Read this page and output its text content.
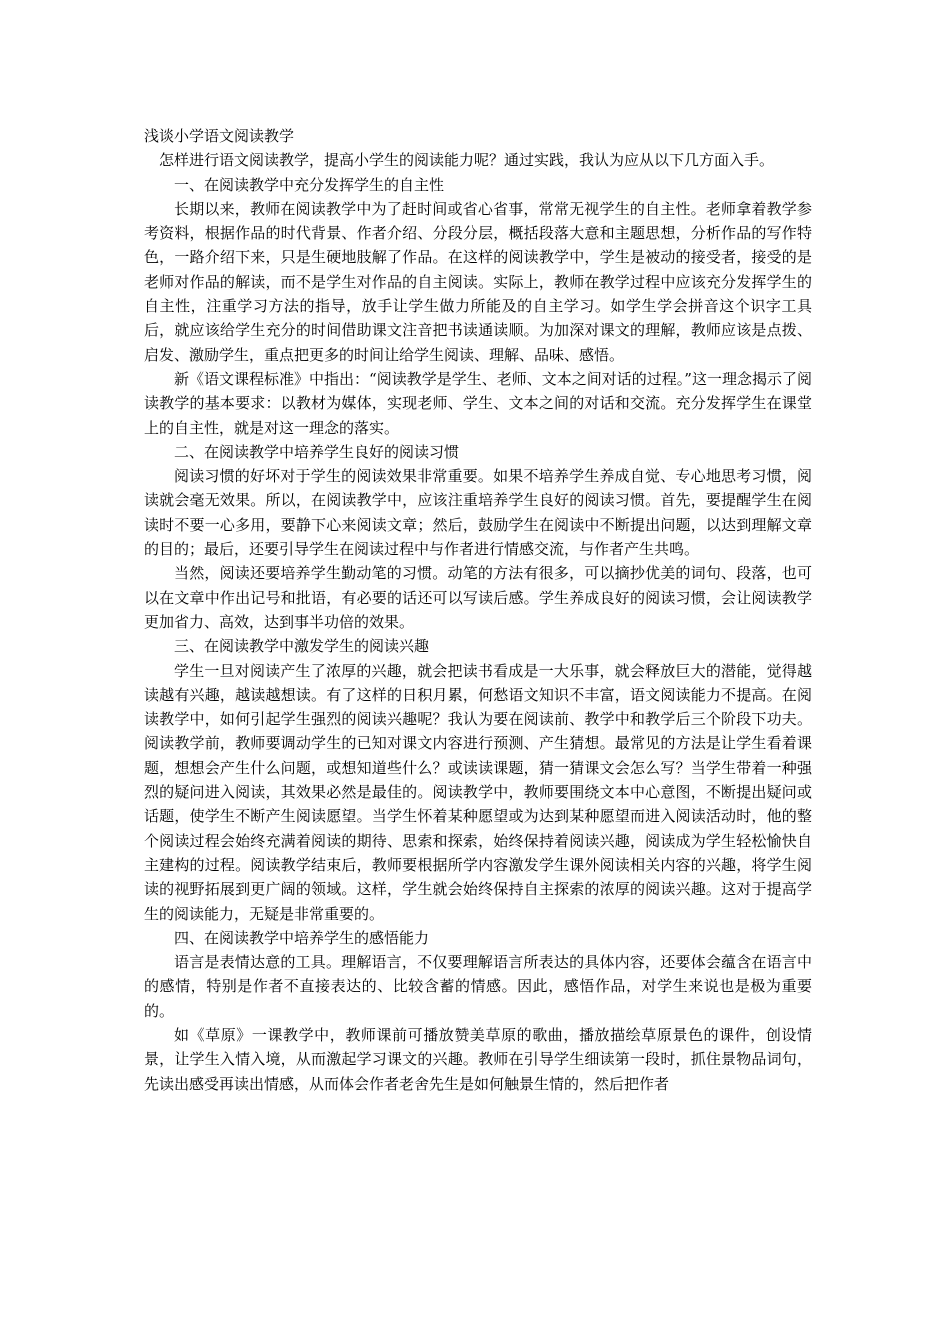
浅谈小学语文阅读教学

怎样进行语文阅读教学，提高小学生的阅读能力呢？通过实践，我认为应从以下几方面入手。

一、在阅读教学中充分发挥学生的自主性

长期以来，教师在阅读教学中为了赶时间或省心省事，常常无视学生的自主性。老师拿着教学参考资料，根据作品的时代背景、作者介绍、分段分层，概括段落大意和主题思想，分析作品的写作特色，一路介绍下来，只是生硬地肢解了作品。在这样的阅读教学中，学生是被动的接受者，接受的是老师对作品的解读，而不是学生对作品的自主阅读。实际上，教师在教学过程中应该充分发挥学生的自主性，注重学习方法的指导，放手让学生做力所能及的自主学习。如学生学会拼音这个识字工具后，就应该给学生充分的时间借助课文注音把书读通读顺。为加深对课文的理解，教师应该是点拨、启发、激励学生，重点把更多的时间让给学生阅读、理解、品味、感悟。

新《语文课程标准》中指出：“阅读教学是学生、老师、文本之间对话的过程。”这一理念揭示了阅读教学的基本要求：以教材为媒体，实现老师、学生、文本之间的对话和交流。充分发挥学生在课堂上的自主性，就是对这一理念的落实。

二、在阅读教学中培养学生良好的阅读习惯

阅读习惯的好坏对于学生的阅读效果非常重要。如果不培养学生养成自觉、专心地思考习惯，阅读就会毫无效果。所以，在阅读教学中，应该注重培养学生良好的阅读习惯。首先，要提醒学生在阅读时不要一心多用，要静下心来阅读文章；然后，鼓励学生在阅读中不断提出问题，以达到理解文章的目的；最后，还要引导学生在阅读过程中与作者进行情感交流，与作者产生共鸣。

当然，阅读还要培养学生勤动笔的习惯。动笔的方法有很多，可以摘抄优美的词句、段落，也可以在文章中作出记号和批语，有必要的话还可以写读后感。学生养成良好的阅读习惯，会让阅读教学更加省力、高效，达到事半功倍的效果。

三、在阅读教学中激发学生的阅读兴趣

学生一旦对阅读产生了浓厚的兴趣，就会把读书看成是一大乐事，就会释放巨大的潜能，觉得越读越有兴趣，越读越想读。有了这样的日积月累，何愁语文知识不丰富，语文阅读能力不提高。在阅读教学中，如何引起学生强烈的阅读兴趣呢？我认为要在阅读前、教学中和教学后三个阶段下功夫。阅读教学前，教师要调动学生的已知对课文内容进行预测、产生猜想。最常见的方法是让学生看着课题，想想会产生什么问题，或想知道些什么？或读读课题，猜一猜课文会怎么写？当学生带着一种强烈的疑问进入阅读，其效果必然是最佳的。阅读教学中，教师要围绕文本中心意图，不断提出疑问或话题，使学生不断产生阅读愿望。当学生怀着某种愿望或为达到某种愿望而进入阅读活动时，他的整个阅读过程会始终充满着阅读的期待、思索和探索，始终保持着阅读兴趣，阅读成为学生轻松愉快自主建构的过程。阅读教学结束后，教师要根据所学内容激发学生课外阅读相关内容的兴趣，将学生阅读的视野拓展到更广阔的领域。这样，学生就会始终保持自主探索的浓厚的阅读兴趣。这对于提高学生的阅读能力，无疑是非常重要的。

四、在阅读教学中培养学生的感悟能力

语言是表情达意的工具。理解语言，不仅要理解语言所表达的具体内容，还要体会蕴含在语言中的感情，特别是作者不直接表达的、比较含蓄的情感。因此，感悟作品，对学生来说也是极为重要的。

如《草原》一课教学中，教师课前可播放赞美草原的歌曲，播放描绘草原景色的课件，创设情景，让学生入情入境，从而激起学习课文的兴趣。教师在引导学生细读第一段时，抓住景物品词句，先读出感受再读出情感，从而体会作者老舍先生是如何触景生情的，然后把作者
